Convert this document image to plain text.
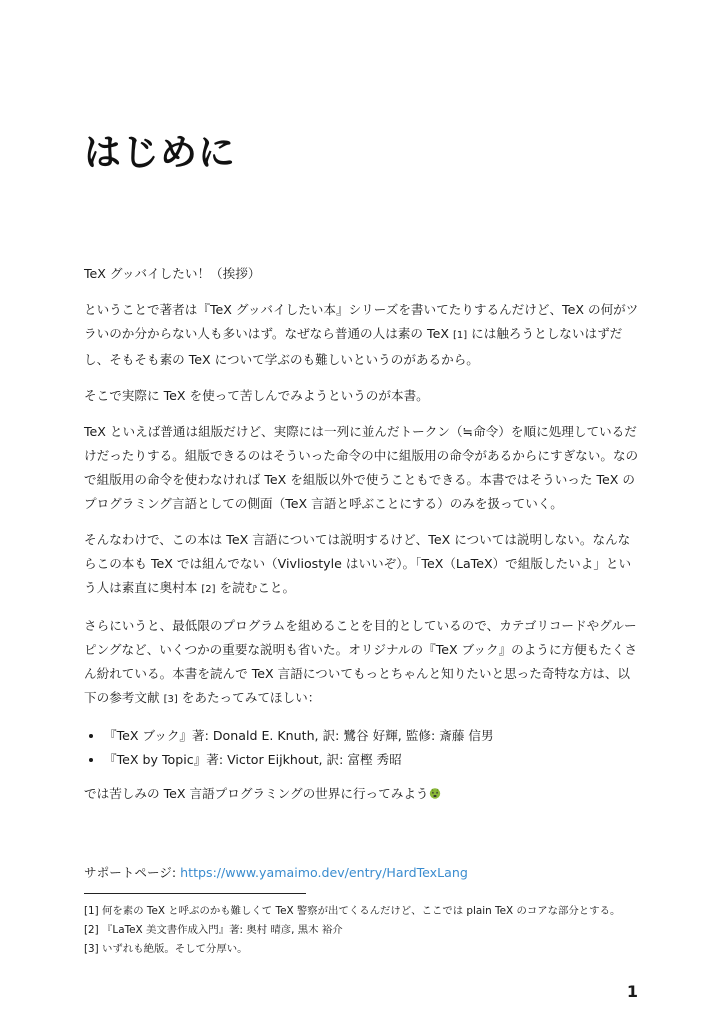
はじめに

TeX グッバイしたい！（挨拶）

ということで著者は『TeX グッバイしたい本』シリーズを書いてたりするんだけど、TeX の何がツラいのか分からない人も多いはず。なぜなら普通の人は素の TeX [1] には触ろうとしないはずだし、そもそも素の TeX について学ぶのも難しいというのがあるから。

そこで実際に TeX を使って苦しんでみようというのが本書。

TeX といえば普通は組版だけど、実際には一列に並んだトークン（≒命令）を順に処理しているだけだったりする。組版できるのはそういった命令の中に組版用の命令があるからにすぎない。なので組版用の命令を使わなければ TeX を組版以外で使うこともできる。本書ではそういった TeX のプログラミング言語としての側面（TeX 言語と呼ぶことにする）のみを扱っていく。

そんなわけで、この本は TeX 言語については説明するけど、TeX については説明しない。なんならこの本も TeX では組んでない（Vivliostyle はいいぞ）。「TeX（LaTeX）で組版したいよ」という人は素直に奥村本 [2] を読むこと。

さらにいうと、最低限のプログラムを組めることを目的としているので、カテゴリコードやグルーピングなど、いくつかの重要な説明も省いた。オリジナルの『TeX ブック』のように方便もたくさん紛れている。本書を読んで TeX 言語についてもっとちゃんと知りたいと思った奇特な方は、以下の参考文献 [3] をあたってみてほしい：

• 『TeX ブック』著: Donald E. Knuth, 訳: 鷺谷 好輝, 監修: 斎藤 信男
• 『TeX by Topic』著: Victor Eijkhout, 訳: 富樫 秀昭

では苦しみの TeX 言語プログラミングの世界に行ってみよう

サポートページ: https://www.yamaimo.dev/entry/HardTexLang
[1] 何を素の TeX と呼ぶのかも難しくて TeX 警察が出てくるんだけど、ここでは plain TeX のコアな部分とする。
[2] 『LaTeX 美文書作成入門』著: 奥村 晴彦, 黒木 裕介
[3] いずれも絶版。そして分厚い。
1
